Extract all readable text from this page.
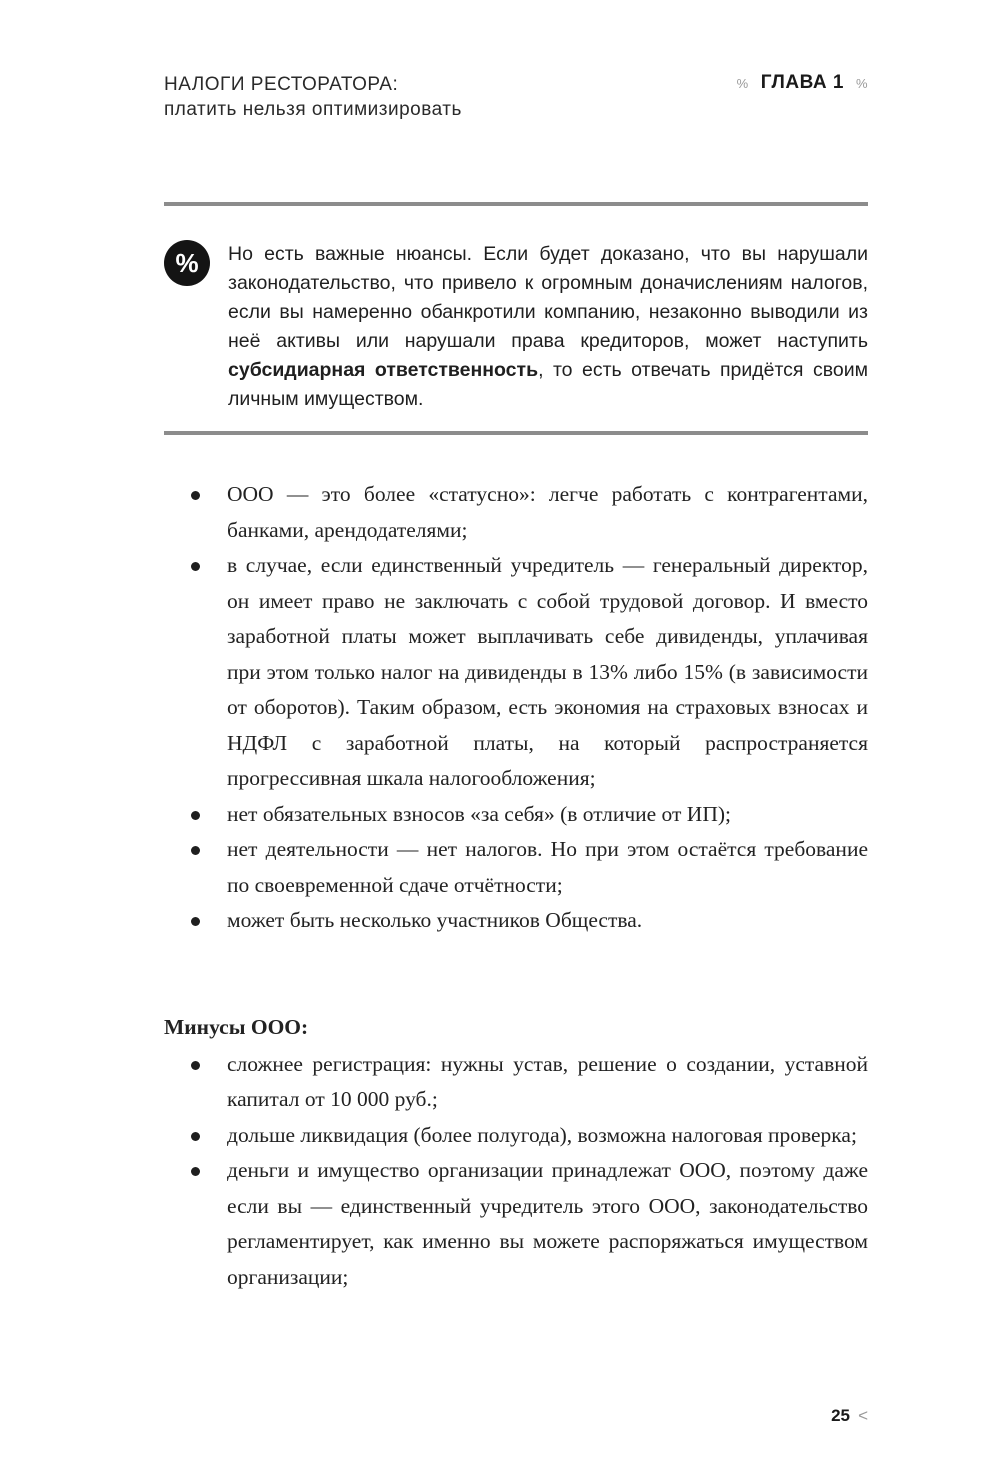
НАЛОГИ РЕСТОРАТОРА:
платить нельзя оптимизировать
% ГЛАВА 1 %
%	Но есть важные нюансы. Если будет доказано, что вы нарушали законодательство, что привело к огромным доначислениям налогов, если вы намеренно обанкротили компанию, незаконно выводили из неё активы или нарушали права кредиторов, может наступить субсидиарная ответственность, то есть отвечать придётся своим личным имуществом.
ООО — это более «статусно»: легче работать с контрагентами, банками, арендодателями;
в случае, если единственный учредитель — генеральный директор, он имеет право не заключать с собой трудовой договор. И вместо заработной платы может выплачивать себе дивиденды, уплачивая при этом только налог на дивиденды в 13% либо 15% (в зависимости от оборотов). Таким образом, есть экономия на страховых взносах и НДФЛ с заработной платы, на который распространяется прогрессивная шкала налогообложения;
нет обязательных взносов «за себя» (в отличие от ИП);
нет деятельности — нет налогов. Но при этом остаётся требование по своевременной сдаче отчётности;
может быть несколько участников Общества.
Минусы ООО:
сложнее регистрация: нужны устав, решение о создании, уставной капитал от 10 000 руб.;
дольше ликвидация (более полугода), возможна налоговая проверка;
деньги и имущество организации принадлежат ООО, поэтому даже если вы — единственный учредитель этого ООО, законодательство регламентирует, как именно вы можете распоряжаться имуществом организации;
25 <
